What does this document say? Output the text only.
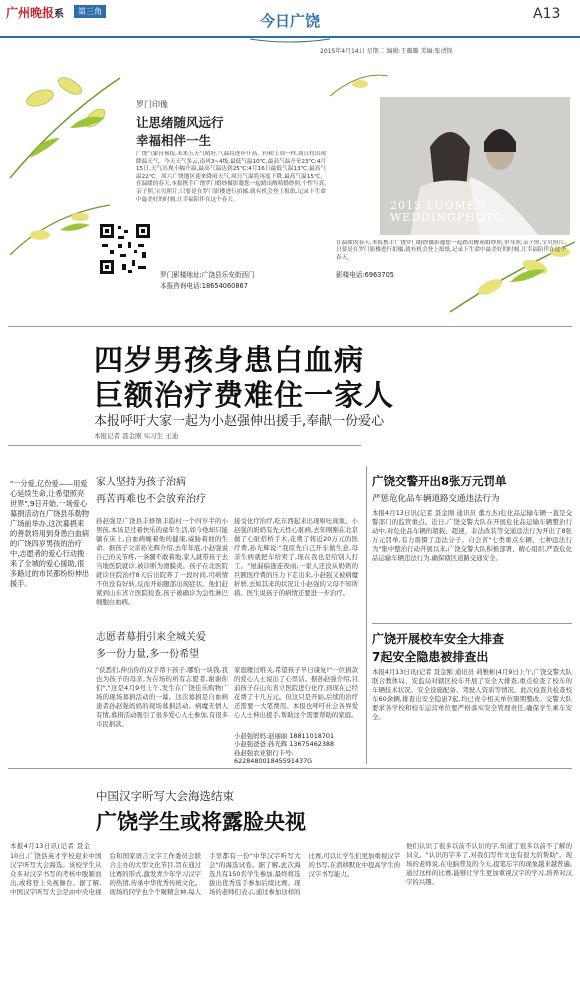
广州晚报系	第三角
今日广饶	A13
2015年4月14日 星期二 编辑:王璐璐 美编:张清锋
罗门印像
让思绪随风远行
幸福相伴一生
广饶气象台预报,未来五天气晴好,气温将逐步升高。但和上周一样,周日将出现降温天气。今天天气多云,南风3~4级,最低气温10℃,最高气温升至23℃;4月15日,天气出现小幅升温,最高气温达到25℃;4月16日最低气温13℃,最高气温22℃。周六广饶地区迎来降雨天气,周日气温将再度下降,最高气温15℃。在温暖的春天,本报携手广饶罗门婚纱摄影邀您一起踏出醒萌婚纱照,个性写真,亲子照,宝贝照片,只要是在罗门影楼进行拍摄,就有机会登上报纸,记录下生命中最美好的时刻,让幸福陪伴在这个春天。
罗门影楼地址:广饶县乐安街西门
本报咨询电话:18654060867
影楼电话:6963705
2015 LUOMEN
WEDDINGPHOTO
在温暖的春天,本报携手广饶罗门婚纱摄影邀您一起踏出醒萌婚纱照,单身照,亲子照,宝贝照片,只要是在罗门影楼进行拍摄,就有机会登上报纸,记录下生命中最美好的时刻,让幸福陪伴在这个春天。
四岁男孩身患白血病
巨额治疗费难住一家人
本报呼吁大家一起为小赵强伸出援手,奉献一份爱心
本报记者 聂金刚 实习生 王迪
"一分爱,亿份爱——用爱心延续生命,让希望照亮世界",9日开始,一场爱心募捐活动在广饶县乐勒物广场前举办,这次募捐来的善款将用到身患白血病的广饶四岁男孩的治疗中,志愿者的爱心行动挽来了全城的爱心援助,很多路过的市民都纷纷伸出援手。
家人坚持为孩子治病
再苦再难也不会放弃治疗
孙赵强是广饶县丰修镇丰韵村一个四岁半的小男孩,本该是过着快乐的童年生活,如今他却只能躺在床上,白血病缠着他的健康,威胁着他的生命。据孩子父亲孙光辉介绍,去年年底,小赵强说自己的关节疼,一条腿不敢着地,家人就带孩子去当地医院就诊,被诊断为滑膜炎。孩子在北医院就诊住院治疗8天后出院养了一段时间,可病情不但没有好转,反而开始腿部出现症状。他们赶紧到山东省立医院检查,孩子被确诊为急性淋巴细胞白血病。
接受化疗治疗,吃东西起来出现呕吐现象。小赵强的奶奶有先天性心脏病,去年刚刚在北京做了心脏搭桥手术,花费了将近20万元的医疗费,孙光辉说:"我原先自己开车做生意,母亲生病就把车给卖了,现在我也是给别人打工。"屋漏偏逢连夜雨,一家人还没从奶奶的巨额医疗费的压力下走出来,小赵强又被病魔折磨,去如其来的状况让小赵强的父母不知所措。医生说孩子的病情还要进一步治疗。
志愿者募捐引来全城关爱
多一份力量,多一份希望
"获悉们,伸出你的双手帮下孩子,哪怕一块钱,我也为孩子的母亲,为在场的所有志愿者,谢谢你们","这是4月9号上午,发生在广饶佳乐购物广场的现场募捐活动的一幕。这次募捐是自血病患者孙赵强妈妈的现场募捐活动。病魔无情人有情,募捐活动吸引了很多爱心人士参加,有很多市民捐款。
家庭雁过唯关,希望孩子早日康复!"一位捐款的爱心人士说出了心里话。据孙赵强介绍,目前孩子在山东省立医院进行化疗,到现在已经花费了十几万元。但这只是开始,后续的治疗还需要一大笔费用。本报也呼吁社会各界爱心人士伸出援手,帮助这个需要帮助的家庭。
小赵强妈妈:赵丽丽 18811018701
小赵强爸爸:孙光辉 13675462388
孙赵强农业银行卡号:
622848001845591437G
广饶交警开出8张万元罚单
严惩危化品车辆道路交通违法行为
本报4月13日讯(记者 聂金刚 通讯员 董方杰)危化品运输车辆一直是交警部门的监管重点。近日,广饶交警大队在开展危化品运输车辆整治行动中,对危化品车辆的超载、超速、非法改装等交通违法行为开出了8张万元罚单,有力震慑了违法分子。自会省"七类重点车辆、七种违法行为"集中整治行动开展以来,广饶交警大队积极部署、精心组织,严查危化品运输车辆违法行为,确保辖区道路交通安全。
广饶开展校车安全大排查
7起安全隐患被排查出
本报4月13日讯(记者 聂金刚 通讯员 莉雅彬)4月9日上午,广饶交警大队联合教体局、安监局对辖区校车开展了安全大排查,重点检查了校车的车辆技术状况、安全设施配备、驾驶人资质等情况。此次检查共检查校车60余辆,排查出安全隐患7起,均已责令相关单位限期整改。交警大队要求各学校和校车运营单位要严格落实安全管理责任,确保学生乘车安全。
中国汉字听写大会海选结束
广饶学生或将露脸央视
本报4月13日讯(记者 聂金
10日,广饶县英才学校迎来中国汉字听写大会海选。该校学生从众多对汉字书写的考核中脱颖而出,或将登上央视舞台。据了解,中国汉字听写大会是由中央电视台和国家语言文字工作委员会联合主办的大型文化节目,旨在通过比赛的形式,激发青少年学习汉字的热情,传承中华优秀传统文化。现场的同学也个个聚精会神,每人手里都有一份"中华汉字听写大会"的海选试卷。据了解,此次海选共有150名学生参加,最终将选拔出优秀选手参加后续比赛。现场的老师们表示,通过参加这样的比赛,可以让学生们更加重视汉字的书写,在潜移默化中提高学生的汉字书写能力。
他们认识了很多以前不认识的字,知道了很多以前不了解的词义。"认识的字多了,对我们写作文也有很大的帮助"。现场的老师说,在电脑普及的今天,提笔忘字的现象越来越普遍,通过这样的比赛,能够让学生更加重视汉字的学习,培养对汉字的兴趣。
